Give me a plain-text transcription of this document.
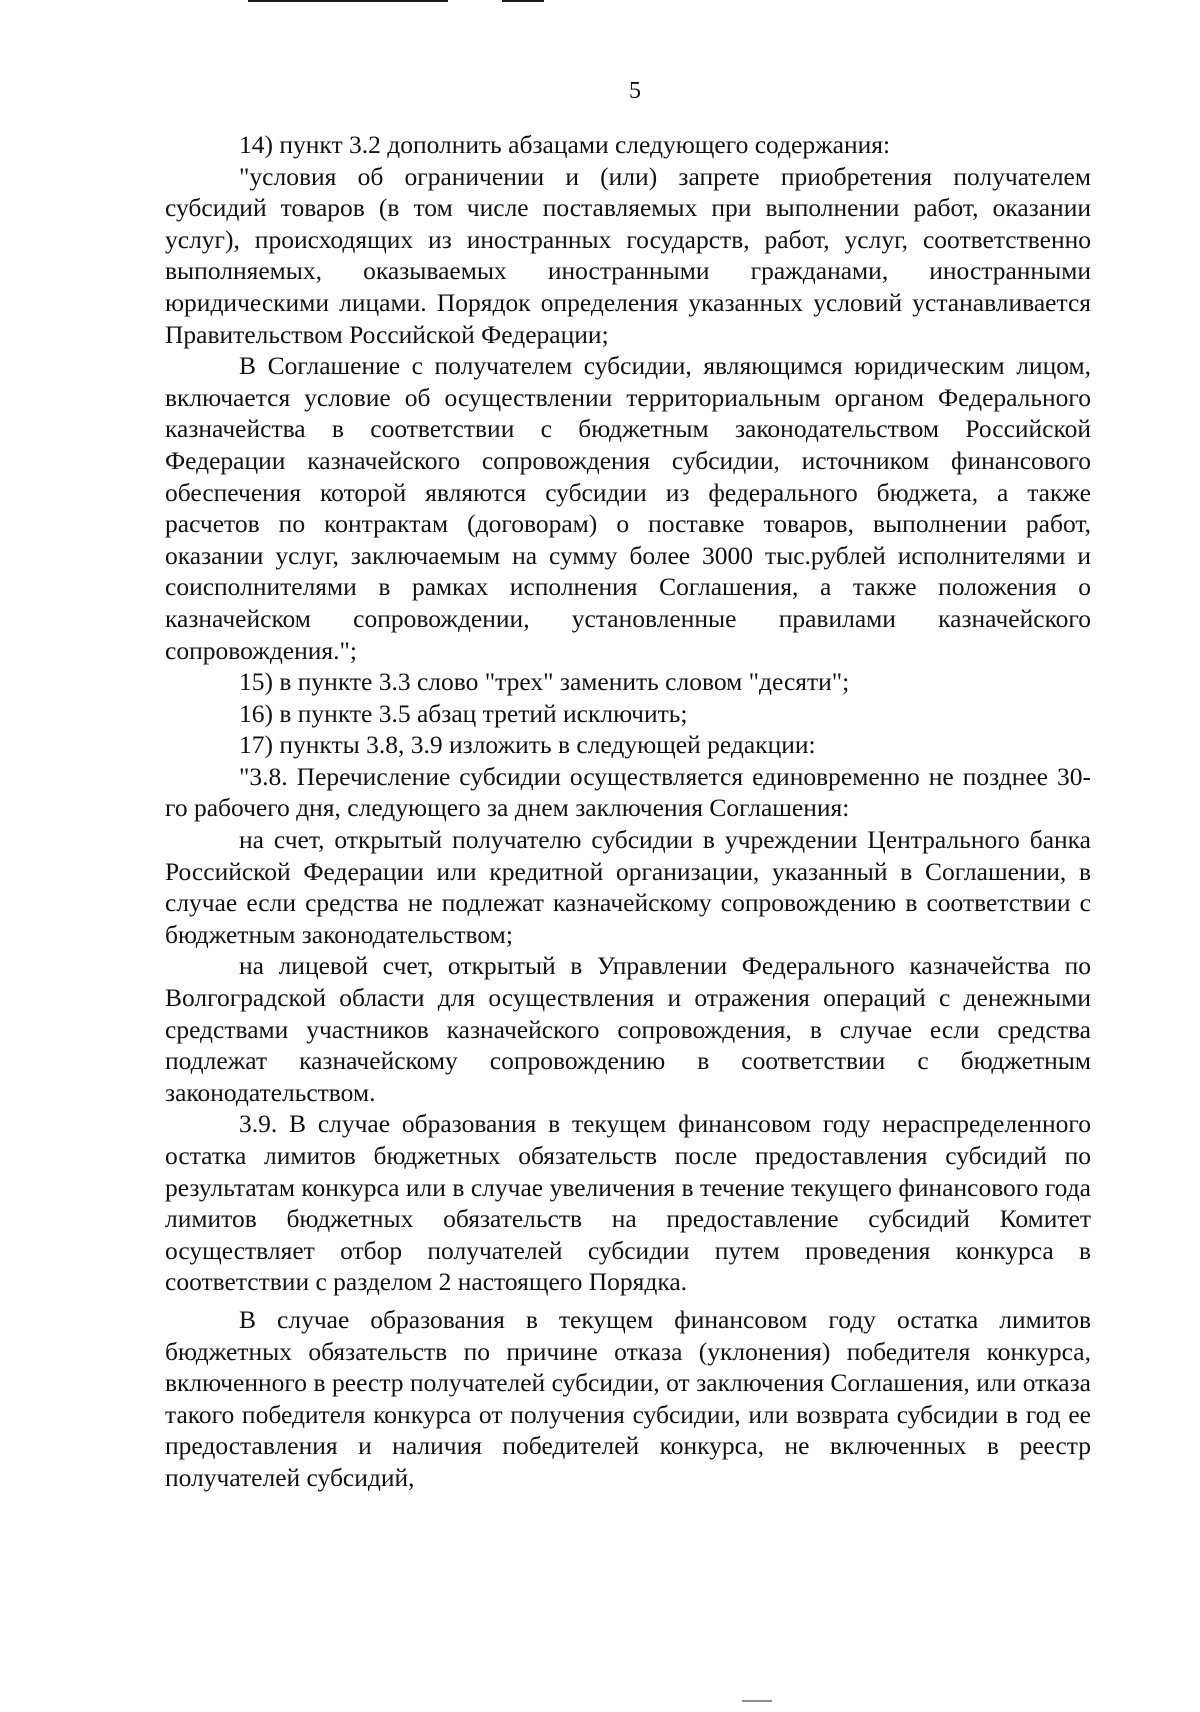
5

14) пункт 3.2 дополнить абзацами следующего содержания:

"условия об ограничении и (или) запрете приобретения получателем субсидий товаров (в том числе поставляемых при выполнении работ, оказании услуг), происходящих из иностранных государств, работ, услуг, соответственно выполняемых, оказываемых иностранными гражданами, иностранными юридическими лицами. Порядок определения указанных условий устанавливается Правительством Российской Федерации;

В Соглашение с получателем субсидии, являющимся юридическим лицом, включается условие об осуществлении территориальным органом Федерального казначейства в соответствии с бюджетным законодательством Российской Федерации казначейского сопровождения субсидии, источником финансового обеспечения которой являются субсидии из федерального бюджета, а также расчетов по контрактам (договорам) о поставке товаров, выполнении работ, оказании услуг, заключаемым на сумму более 3000 тыс.рублей исполнителями и соисполнителями в рамках исполнения Соглашения, а также положения о казначейском сопровождении, установленные правилами казначейского сопровождения.";

15) в пункте 3.3 слово "трех" заменить словом "десяти";

16) в пункте 3.5 абзац третий исключить;

17) пункты 3.8, 3.9 изложить в следующей редакции:

"3.8. Перечисление субсидии осуществляется единовременно не позднее 30-го рабочего дня, следующего за днем заключения Соглашения:

на счет, открытый получателю субсидии в учреждении Центрального банка Российской Федерации или кредитной организации, указанный в Соглашении, в случае если средства не подлежат казначейскому сопровождению в соответствии с бюджетным законодательством;

на лицевой счет, открытый в Управлении Федерального казначейства по Волгоградской области для осуществления и отражения операций с денежными средствами участников казначейского сопровождения, в случае если средства подлежат казначейскому сопровождению в соответствии с бюджетным законодательством.

3.9. В случае образования в текущем финансовом году нераспределенного остатка лимитов бюджетных обязательств после предоставления субсидий по результатам конкурса или в случае увеличения в течение текущего финансового года лимитов бюджетных обязательств на предоставление субсидий Комитет осуществляет отбор получателей субсидии путем проведения конкурса в соответствии с разделом 2 настоящего Порядка.

В случае образования в текущем финансовом году остатка лимитов бюджетных обязательств по причине отказа (уклонения) победителя конкурса, включенного в реестр получателей субсидии, от заключения Соглашения, или отказа такого победителя конкурса от получения субсидии, или возврата субсидии в год ее предоставления и наличия победителей конкурса, не включенных в реестр получателей субсидий,
